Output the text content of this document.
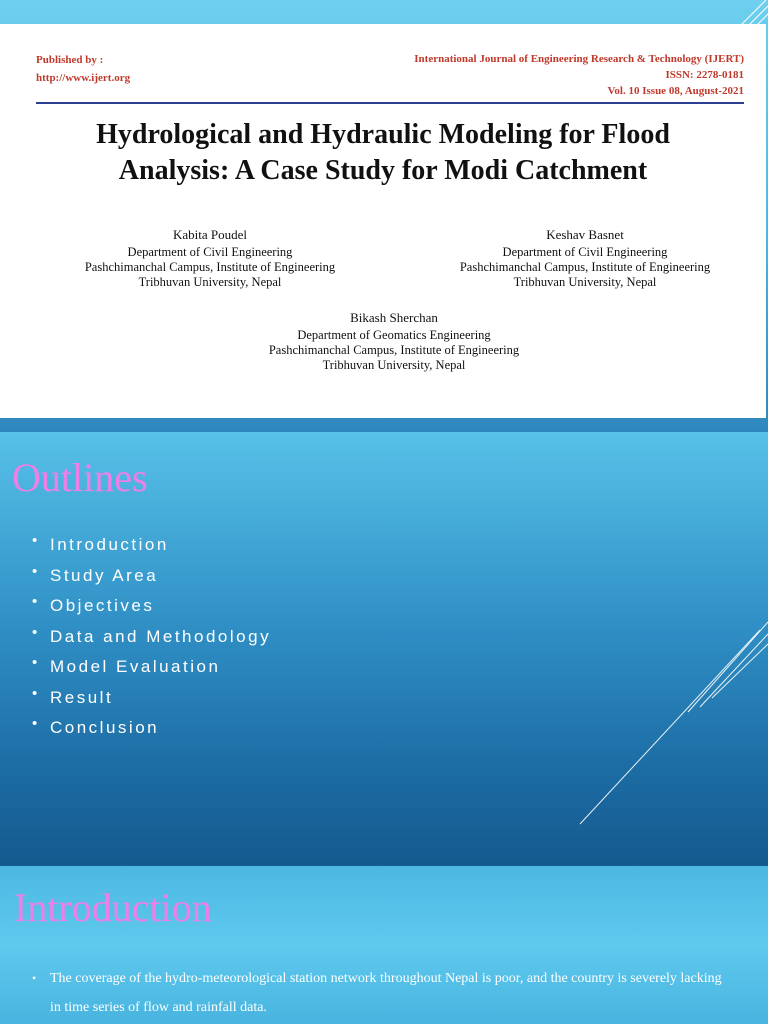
Published by :
http://www.ijert.org
International Journal of Engineering Research & Technology (IJERT)
ISSN: 2278-0181
Vol. 10 Issue 08, August-2021
Hydrological and Hydraulic Modeling for Flood
Analysis: A Case Study for Modi Catchment
Kabita Poudel
Department of Civil Engineering
Pashchimanchal Campus, Institute of Engineering
Tribhuvan University, Nepal
Keshav Basnet
Department of Civil Engineering
Pashchimanchal Campus, Institute of Engineering
Tribhuvan University, Nepal
Bikash Sherchan
Department of Geomatics Engineering
Pashchimanchal Campus, Institute of Engineering
Tribhuvan University, Nepal
Outlines
• Introduction
• Study Area
• Objectives
• Data and Methodology
• Model Evaluation
• Result
• Conclusion
Introduction
• The coverage of the hydro-meteorological station network throughout Nepal is poor, and the country is severely lacking in time series of flow and rainfall data.
